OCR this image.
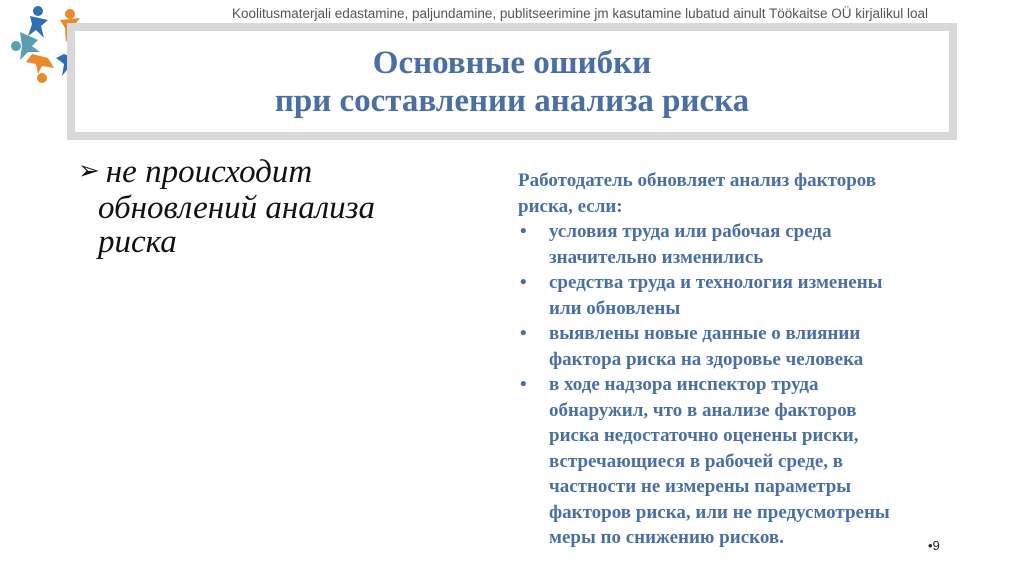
Koolitusmaterjali edastamine, paljundamine, publitseerimine jm kasutamine lubatud ainult Töökaitse OÜ kirjalikul loal
Основные ошибки
при составлении анализа риска
➢ не происходит
обновлений анализа
риска
Работодатель обновляет анализ факторов
риска, если:
• условия труда или рабочая среда
значительно изменились
• средства труда и технология изменены
или обновлены
• выявлены новые данные о влиянии
фактора риска на здоровье человека
• в ходе надзора инспектор труда
обнаружил, что в анализе факторов
риска недостаточно оценены риски,
встречающиеся в рабочей среде, в
частности не измерены параметры
факторов риска, или не предусмотрены
меры по снижению рисков.	•9
